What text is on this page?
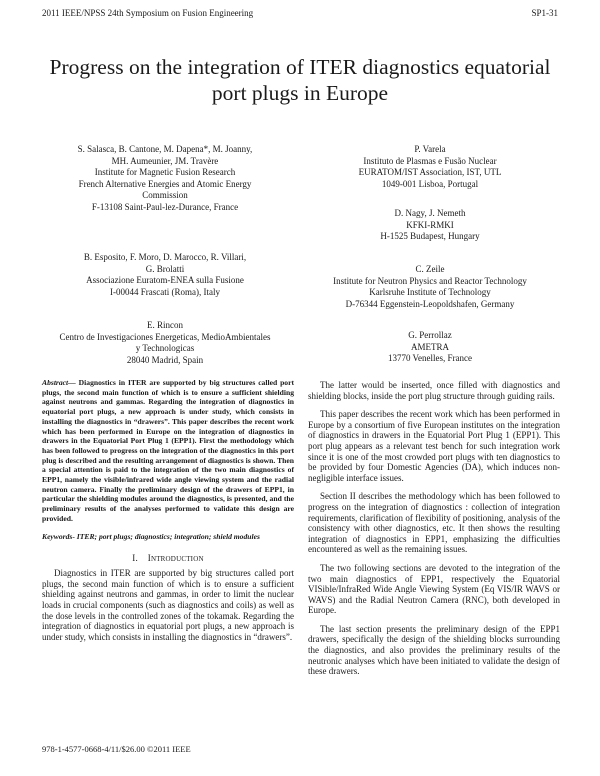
2011 IEEE/NPSS 24th Symposium on Fusion Engineering	SP1-31
Progress on the integration of ITER diagnostics equatorial port plugs in Europe
S. Salasca, B. Cantone, M. Dapena*, M. Joanny,
MH. Aumeunier, JM. Travère
Institute for Magnetic Fusion Research
French Alternative Energies and Atomic Energy
Commission
F-13108 Saint-Paul-lez-Durance, France
B. Esposito, F. Moro, D. Marocco, R. Villari,
G. Brolatti
Associazione Euratom-ENEA sulla Fusione
I-00044 Frascati (Roma), Italy
E. Rincon
Centro de Investigaciones Energeticas, MedioAmbientales
y Technologicas
28040 Madrid, Spain
P. Varela
Instituto de Plasmas e Fusão Nuclear
EURATOM/IST Association, IST, UTL
1049-001 Lisboa, Portugal
D. Nagy, J. Nemeth
KFKI-RMKI
H-1525 Budapest, Hungary
C. Zeile
Institute for Neutron Physics and Reactor Technology
Karlsruhe Institute of Technology
D-76344 Eggenstein-Leopoldshafen, Germany
G. Perrollaz
AMETRA
13770 Venelles, France
Abstract— Diagnostics in ITER are supported by big structures called port plugs, the second main function of which is to ensure a sufficient shielding against neutrons and gammas. Regarding the integration of diagnostics in equatorial port plugs, a new approach is under study, which consists in installing the diagnostics in “drawers”. This paper describes the recent work which has been performed in Europe on the integration of diagnostics in drawers in the Equatorial Port Plug 1 (EPP1). First the methodology which has been followed to progress on the integration of the diagnostics in this port plug is described and the resulting arrangement of diagnostics is shown. Then a special attention is paid to the integration of the two main diagnostics of EPP1, namely the visible/infrared wide angle viewing system and the radial neutron camera. Finally the preliminary design of the drawers of EPP1, in particular the shielding modules around the diagnostics, is presented, and the preliminary results of the analyses performed to validate this design are provided.
Keywords- ITER; port plugs; diagnostics; integration; shield modules
I. INTRODUCTION

Diagnostics in ITER are supported by big structures called port plugs, the second main function of which is to ensure a sufficient shielding against neutrons and gammas, in order to limit the nuclear loads in crucial components (such as diagnostics and coils) as well as the dose levels in the controlled zones of the tokamak. Regarding the integration of diagnostics in equatorial port plugs, a new approach is under study, which consists in installing the diagnostics in “drawers”.

The latter would be inserted, once filled with diagnostics and shielding blocks, inside the port plug structure through guiding rails.

This paper describes the recent work which has been performed in Europe by a consortium of five European institutes on the integration of diagnostics in drawers in the Equatorial Port Plug 1 (EPP1). This port plug appears as a relevant test bench for such integration work since it is one of the most crowded port plugs with ten diagnostics to be provided by four Domestic Agencies (DA), which induces non-negligible interface issues.

Section II describes the methodology which has been followed to progress on the integration of diagnostics : collection of integration requirements, clarification of flexibility of positioning, analysis of the consistency with other diagnostics, etc. It then shows the resulting integration of diagnostics in EPP1, emphasizing the difficulties encountered as well as the remaining issues.

The two following sections are devoted to the integration of the two main diagnostics of EPP1, respectively the Equatorial VISible/InfraRed Wide Angle Viewing System (Eq VIS/IR WAVS or WAVS) and the Radial Neutron Camera (RNC), both developed in Europe.

The last section presents the preliminary design of the EPP1 drawers, specifically the design of the shielding blocks surrounding the diagnostics, and also provides the preliminary results of the neutronic analyses which have been initiated to validate the design of these drawers.

978-1-4577-0668-4/11/$26.00 ©2011 IEEE
